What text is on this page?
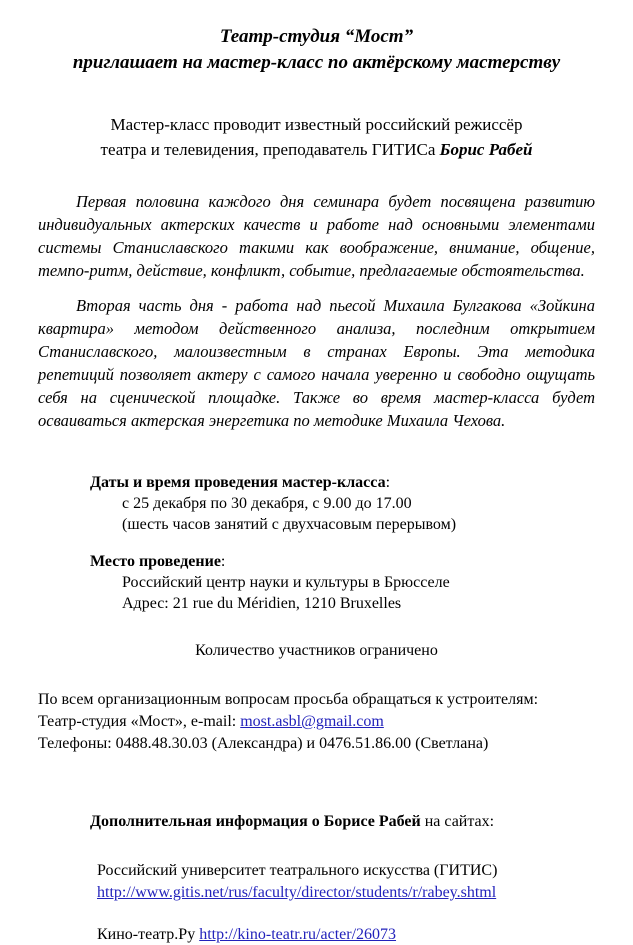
Театр-студия “Мост”
приглашает на мастер-класс по актёрскому мастерству
Мастер-класс проводит известный российский режиссёр
театра и телевидения, преподаватель ГИТИСа Борис Рабей

Первая половина каждого дня семинара будет посвящена развитию индивидуальных актерских качеств и работе над основными элементами системы Станиславского такими как воображение, внимание, общение, темпо-ритм, действие, конфликт, событие, предлагаемые обстоятельства.

Вторая часть дня - работа над пьесой Михаила Булгакова «Зойкина квартира» методом действенного анализа, последним открытием Станиславского, малоизвестным в странах Европы. Эта методика репетиций позволяет актеру с самого начала уверенно и свободно ощущать себя на сценической площадке. Также во время мастер-класса будет осваиваться актерская энергетика по методике Михаила Чехова.

Даты и время проведения мастер-класса:
с 25 декабря по 30 декабря, с 9.00 до 17.00
(шесть часов занятий с двухчасовым перерывом)
Место проведение:
Российский центр науки и культуры в Брюсселе
Адрес: 21 rue du Méridien, 1210 Bruxelles
Количество участников ограничено
По всем организационным вопросам просьба обращаться к устроителям:
Театр-студия «Мост», e-mail: most.asbl@gmail.com
Телефоны: 0488.48.30.03 (Александра) и 0476.51.86.00 (Светлана)
Дополнительная информация о Борисе Рабей на сайтах:
Российский университет театрального искусства (ГИТИС)
http://www.gitis.net/rus/faculty/director/students/r/rabey.shtml
Кино-театр.Ру http://kino-teatr.ru/acter/26073
